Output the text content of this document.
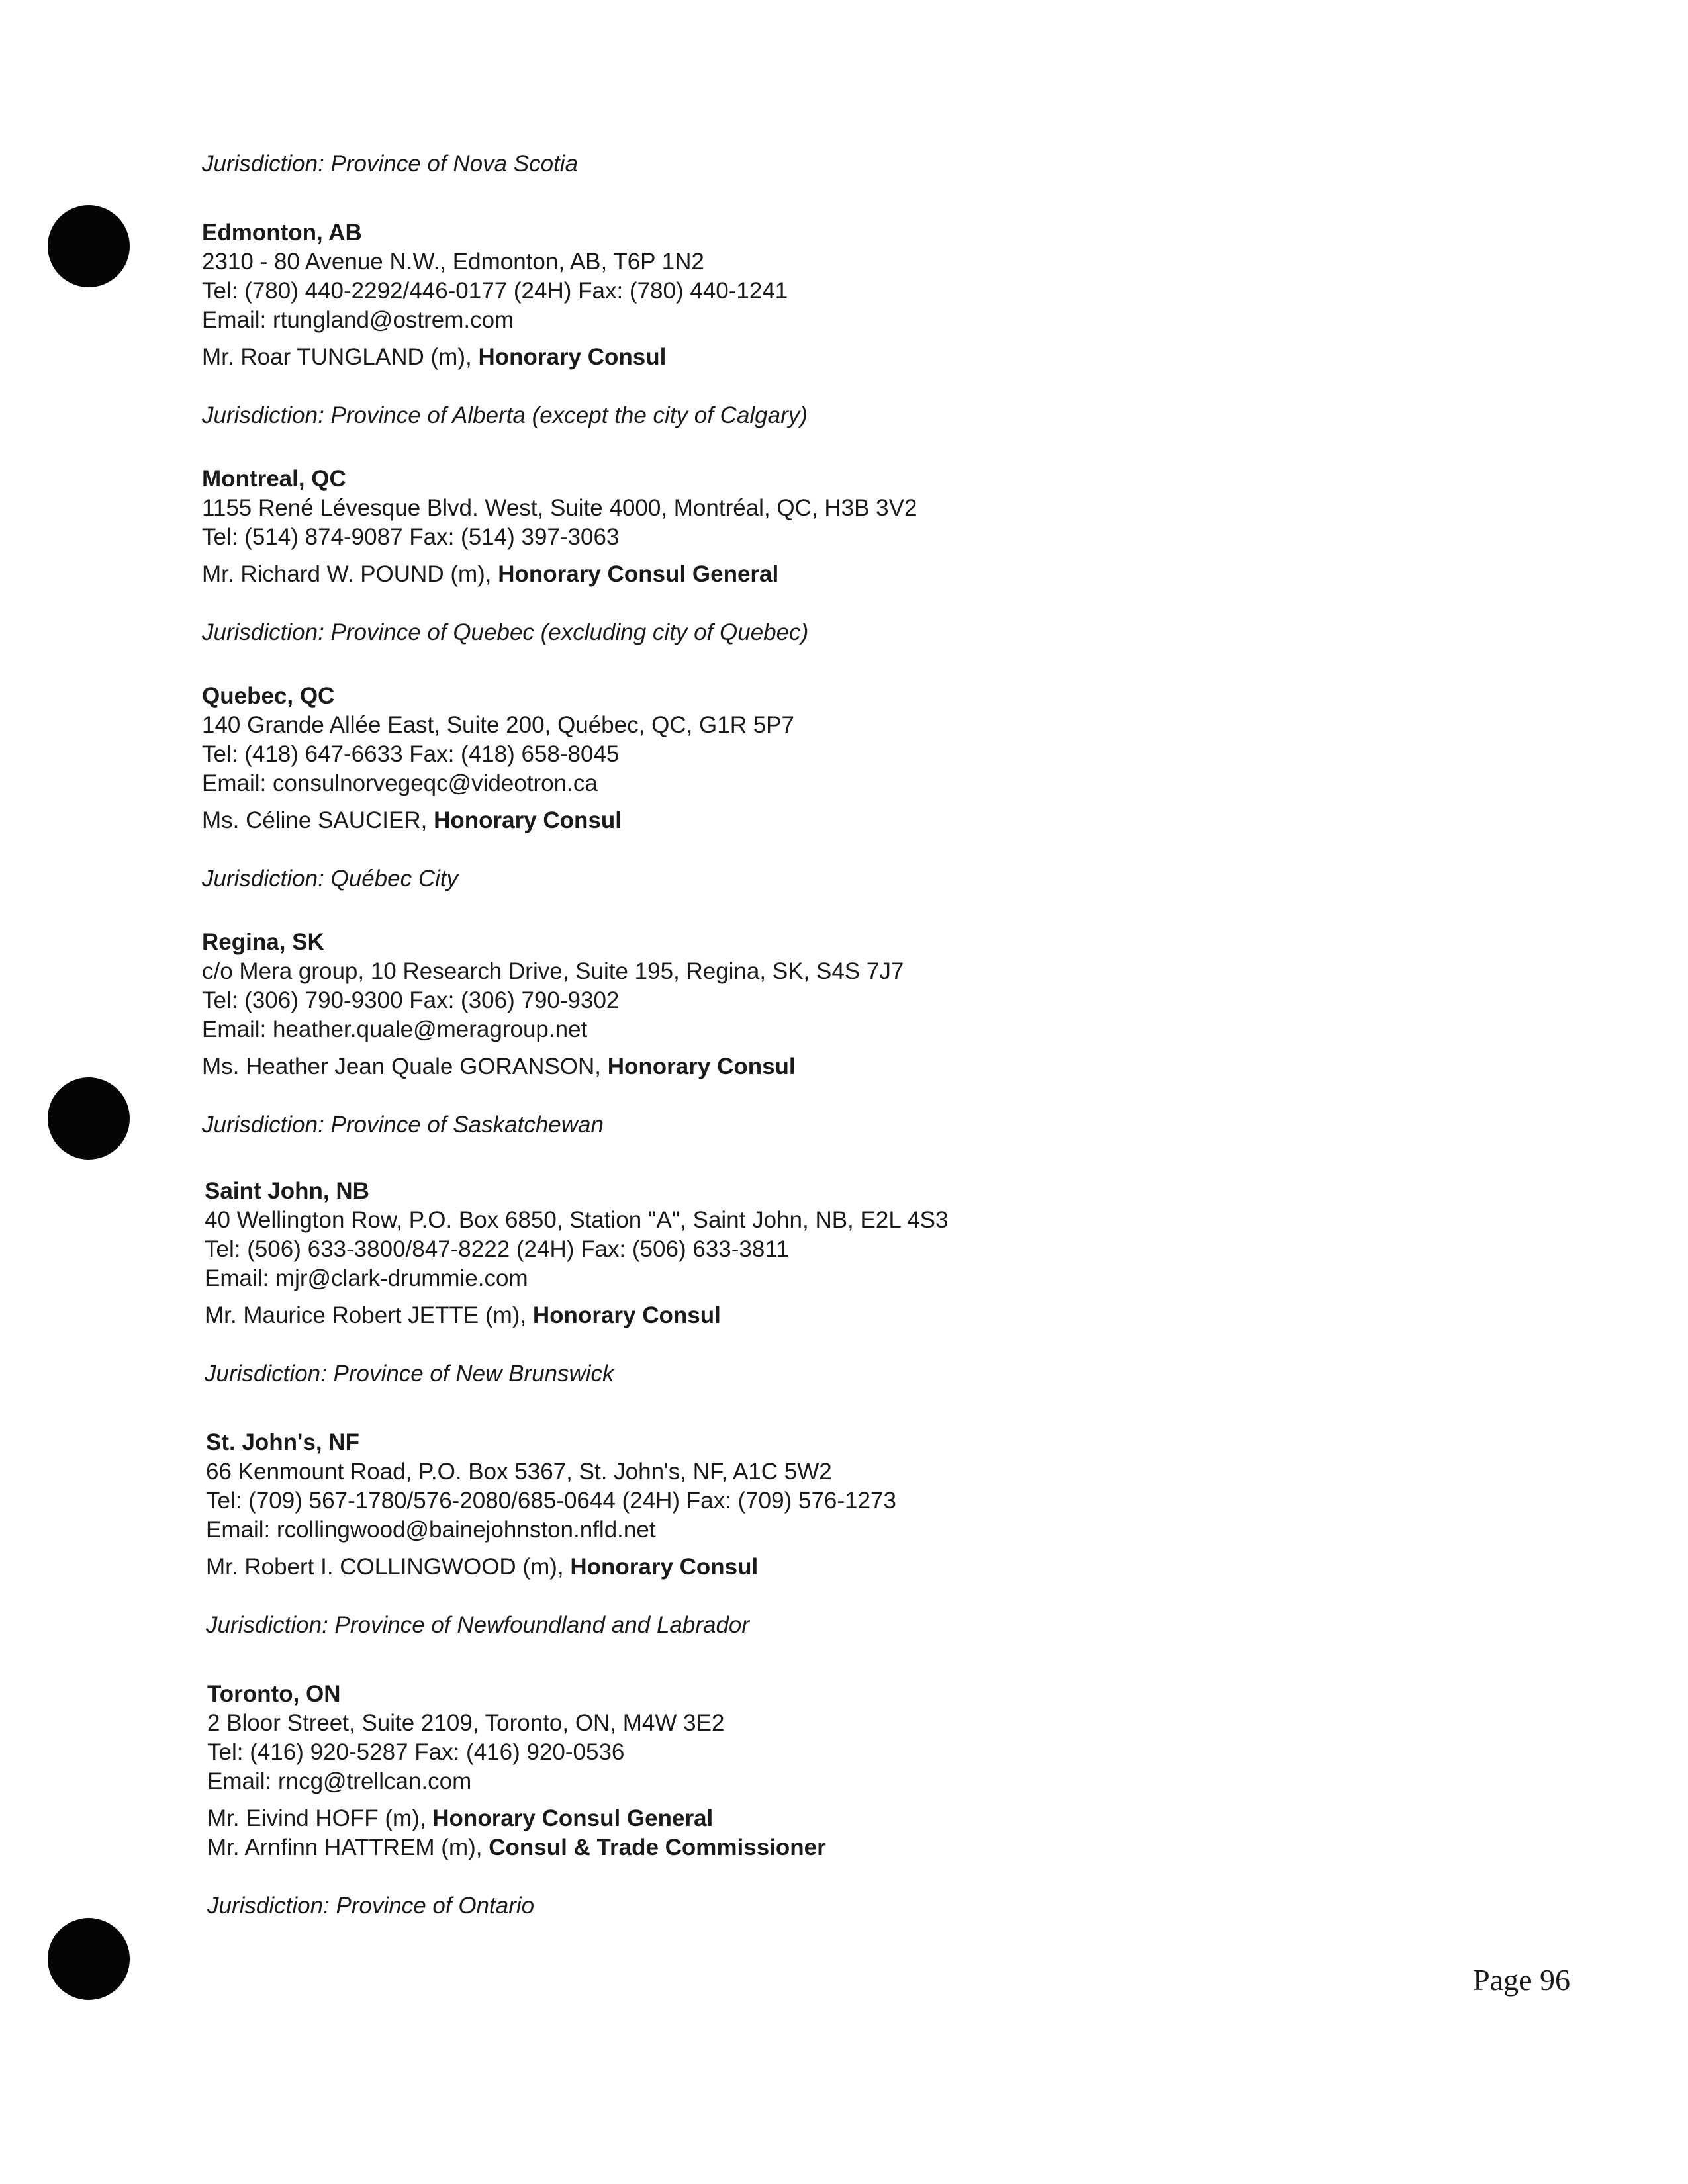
Jurisdiction: Province of Nova Scotia
Edmonton, AB
2310 - 80 Avenue N.W., Edmonton, AB, T6P 1N2
Tel: (780) 440-2292/446-0177 (24H) Fax: (780) 440-1241
Email: rtungland@ostrem.com
Mr. Roar TUNGLAND (m), Honorary Consul
Jurisdiction: Province of Alberta (except the city of Calgary)
Montreal, QC
1155 René Lévesque Blvd. West, Suite 4000, Montréal, QC, H3B 3V2
Tel: (514) 874-9087 Fax: (514) 397-3063
Mr. Richard W. POUND (m), Honorary Consul General
Jurisdiction: Province of Quebec (excluding city of Quebec)
Quebec, QC
140 Grande Allée East, Suite 200, Québec, QC, G1R 5P7
Tel: (418) 647-6633 Fax: (418) 658-8045
Email: consulnorvegeqc@videotron.ca
Ms. Céline SAUCIER, Honorary Consul
Jurisdiction: Québec City
Regina, SK
c/o Mera group, 10 Research Drive, Suite 195, Regina, SK, S4S 7J7
Tel: (306) 790-9300 Fax: (306) 790-9302
Email: heather.quale@meragroup.net
Ms. Heather Jean Quale GORANSON, Honorary Consul
Jurisdiction: Province of Saskatchewan
Saint John, NB
40 Wellington Row, P.O. Box 6850, Station "A", Saint John, NB, E2L 4S3
Tel: (506) 633-3800/847-8222 (24H) Fax: (506) 633-3811
Email: mjr@clark-drummie.com
Mr. Maurice Robert JETTE (m), Honorary Consul
Jurisdiction: Province of New Brunswick
St. John's, NF
66 Kenmount Road, P.O. Box 5367, St. John's, NF, A1C 5W2
Tel: (709) 567-1780/576-2080/685-0644 (24H) Fax: (709) 576-1273
Email: rcollingwood@bainejohnston.nfld.net
Mr. Robert I. COLLINGWOOD (m), Honorary Consul
Jurisdiction: Province of Newfoundland and Labrador
Toronto, ON
2 Bloor Street, Suite 2109, Toronto, ON, M4W 3E2
Tel: (416) 920-5287 Fax: (416) 920-0536
Email: rncg@trellcan.com
Mr. Eivind HOFF (m), Honorary Consul General
Mr. Arnfinn HATTREM (m), Consul & Trade Commissioner
Jurisdiction: Province of Ontario
Page 96
